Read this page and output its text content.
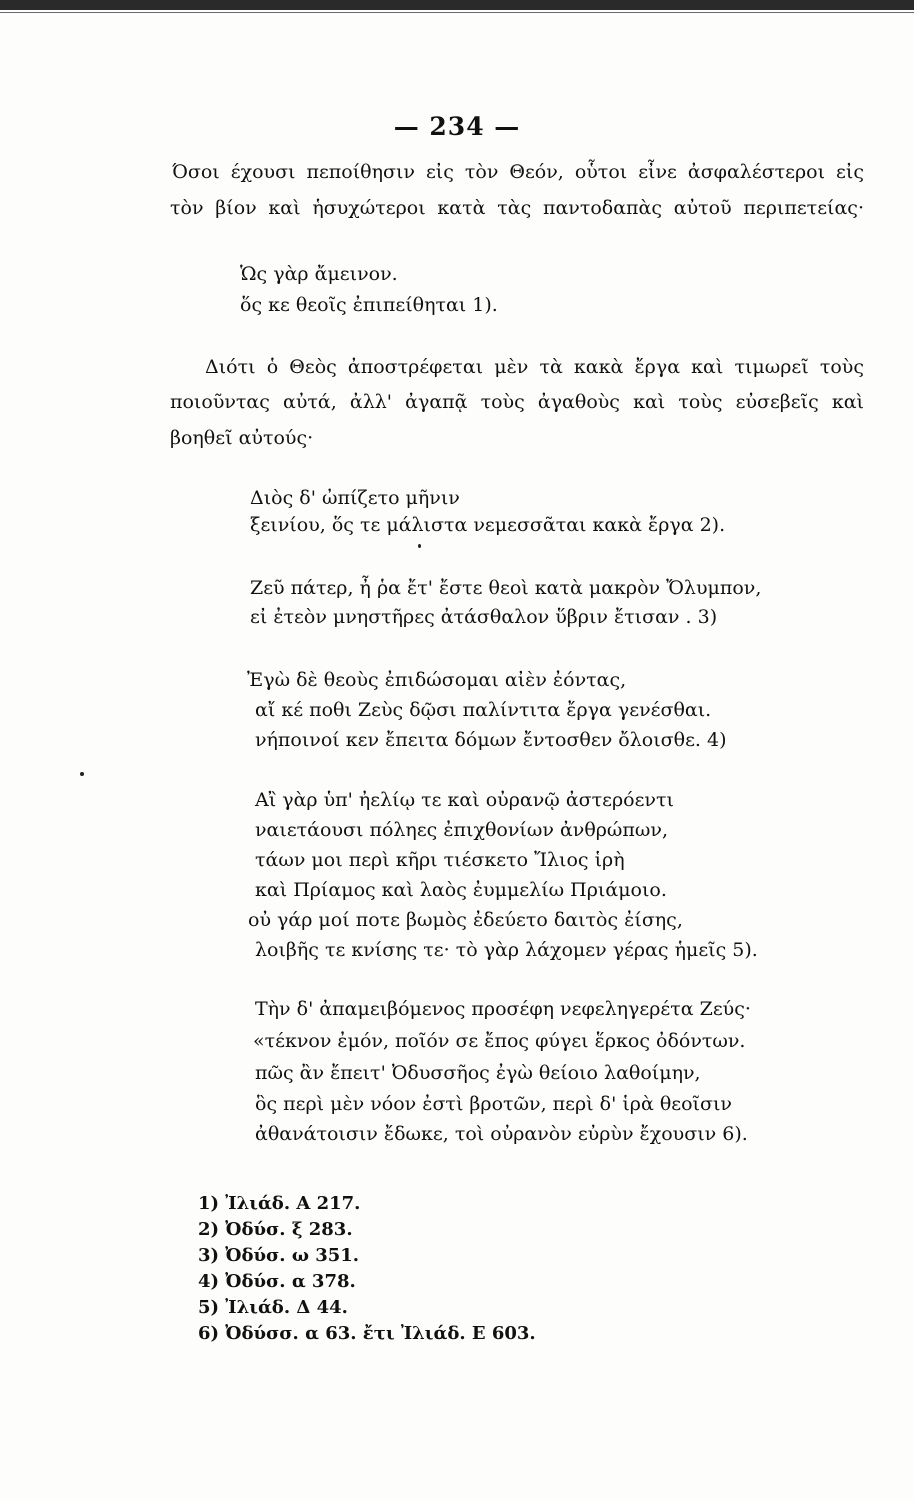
— 234 —
Όσοι έχουσι πεποίθησιν εἰς τὸν Θεόν, οὗτοι εἶνε ἀσφαλέστεροι εἰς
τὸν βίον καὶ ἡσυχώτεροι κατὰ τὰς παντοδαπὰς αὐτοῦ περιπετείας·
Ὡς γὰρ ἄμεινον.
ὅς κε θεοῖς ἐπιπείθηται 1).
Διότι ὁ Θεὸς ἀποστρέφεται μὲν τὰ κακὰ ἔργα καὶ τιμωρεῖ τοὺς
ποιοῦντας αὐτά, ἀλλ' ἀγαπᾷ τοὺς ἀγαθοὺς καὶ τοὺς εὐσεβεῖς καὶ
βοηθεῖ αὐτούς·
Διὸς δ' ὠπίζετο μῆνιν
ξεινίου, ὅς τε μάλιστα νεμεσσᾶται κακὰ ἔργα 2).
Ζεῦ πάτερ, ἦ ῥα ἔτ' ἔστε θεοὶ κατὰ μακρὸν Ὄλυμπον,
εἰ ἐτεὸν μνηστῆρες ἀτάσθαλον ὕβριν ἔτισαν . 3)
Ἐγὼ δὲ θεοὺς ἐπιδώσομαι αἰὲν ἐόντας,
αἴ κέ ποθι Ζεὺς δῷσι παλίντιτα ἔργα γενέσθαι.
νήποινοί κεν ἔπειτα δόμων ἔντοσθεν ὄλοισθε. 4)
Αἲ γὰρ ὑπ' ἠελίῳ τε καὶ οὐρανῷ ἀστερόεντι
ναιετάουσι πόληες ἐπιχθονίων ἀνθρώπων,
τάων μοι περὶ κῆρι τιέσκετο Ἴλιος ἱρὴ
καὶ Πρίαμος καὶ λαὸς ἐυμμελίω Πριάμοιο.
οὐ γάρ μοί ποτε βωμὸς ἐδεύετο δαιτὸς ἐίσης,
λοιβῆς τε κνίσης τε· τὸ γὰρ λάχομεν γέρας ἡμεῖς 5).
Τὴν δ' ἀπαμειβόμενος προσέφη νεφεληγερέτα Ζεύς·
«τέκνον ἐμόν, ποῖόν σε ἔπος φύγει ἕρκος ὀδόντων.
πῶς ἂν ἔπειτ' Ὀδυσσῆος ἐγὼ θείοιο λαθοίμην,
ὃς περὶ μὲν νόον ἐστὶ βροτῶν, περὶ δ' ἱρὰ θεοῖσιν
ἀθανάτοισιν ἔδωκε, τοὶ οὐρανὸν εὐρὺν ἔχουσιν 6).
1) Ἰλιάδ. Α 217.
2) Ὀδύσ. ξ 283.
3) Ὀδύσ. ω 351.
4) Ὀδύσ. α 378.
5) Ἰλιάδ. Δ 44.
6) Ὀδύσσ. α 63. ἔτι Ἰλιάδ. Ε 603.
